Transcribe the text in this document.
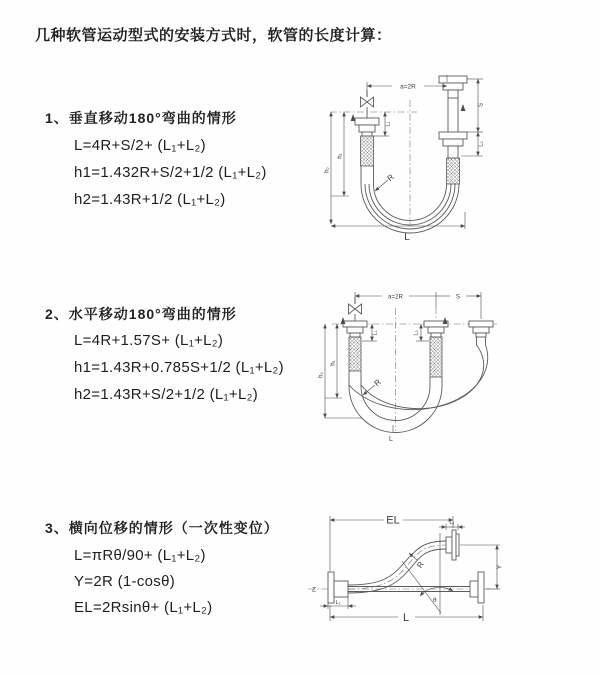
几种软管运动型式的安装方式时，软管的长度计算：
1、垂直移动180°弯曲的情形
L=4R+S/2+ (L₁+L₂)
h1=1.432R+S/2+1/2 (L₁+L₂)
h2=1.43R+1/2 (L₁+L₂)
2、水平移动180°弯曲的情形
L=4R+1.57S+ (L₁+L₂)
h1=1.43R+0.785S+1/2 (L₁+L₂)
h2=1.43R+S/2+1/2 (L₁+L₂)
3、横向位移的情形（一次性变位）
L=πRθ/90+ (L₁+L₂)
Y=2R (1-cosθ)
EL=2Rsinθ+ (L₁+L₂)
a=2R
h₁
h₂
L₁
S
L₂
R
L
a=2R	S
h₁
h₂
L₁	L₂
R
L
θ
EL	L₁
L₁
Y
R
Z
L
